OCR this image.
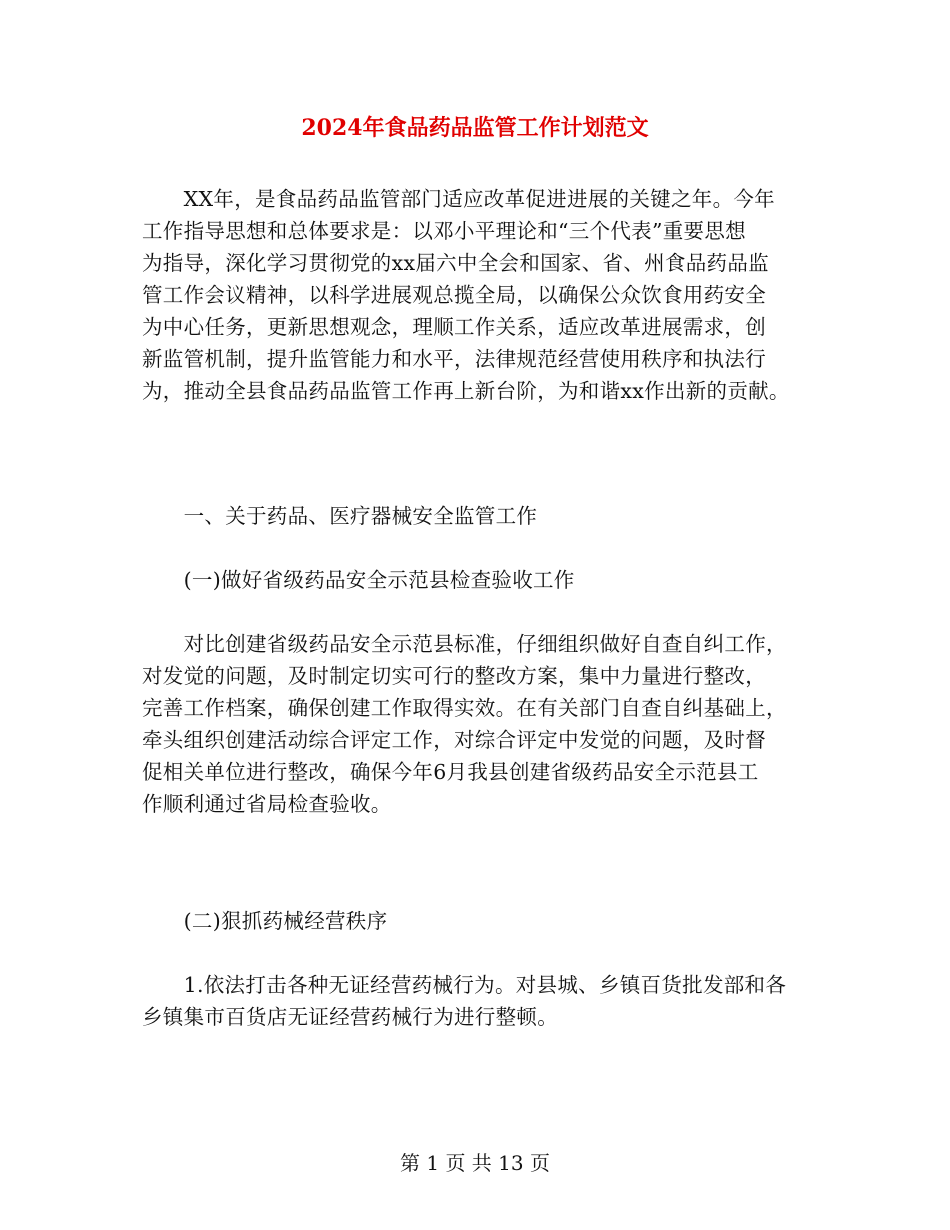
2024年食品药品监管工作计划范文
　　XX年，是食品药品监管部门适应改革促进进展的关键之年。今年
工作指导思想和总体要求是：以邓小平理论和“三个代表”重要思想
为指导，深化学习贯彻党的xx届六中全会和国家、省、州食品药品监
管工作会议精神，以科学进展观总揽全局，以确保公众饮食用药安全
为中心任务，更新思想观念，理顺工作关系，适应改革进展需求，创
新监管机制，提升监管能力和水平，法律规范经营使用秩序和执法行
为，推动全县食品药品监管工作再上新台阶，为和谐xx作出新的贡献。
　　一、关于药品、医疗器械安全监管工作
　　(一)做好省级药品安全示范县检查验收工作
　　对比创建省级药品安全示范县标准，仔细组织做好自查自纠工作，
对发觉的问题，及时制定切实可行的整改方案，集中力量进行整改，
完善工作档案，确保创建工作取得实效。在有关部门自查自纠基础上，
牵头组织创建活动综合评定工作，对综合评定中发觉的问题，及时督
促相关单位进行整改，确保今年6月我县创建省级药品安全示范县工
作顺利通过省局检查验收。
　　(二)狠抓药械经营秩序
　　1.依法打击各种无证经营药械行为。对县城、乡镇百货批发部和各
乡镇集市百货店无证经营药械行为进行整顿。
第 1 页 共 13 页
